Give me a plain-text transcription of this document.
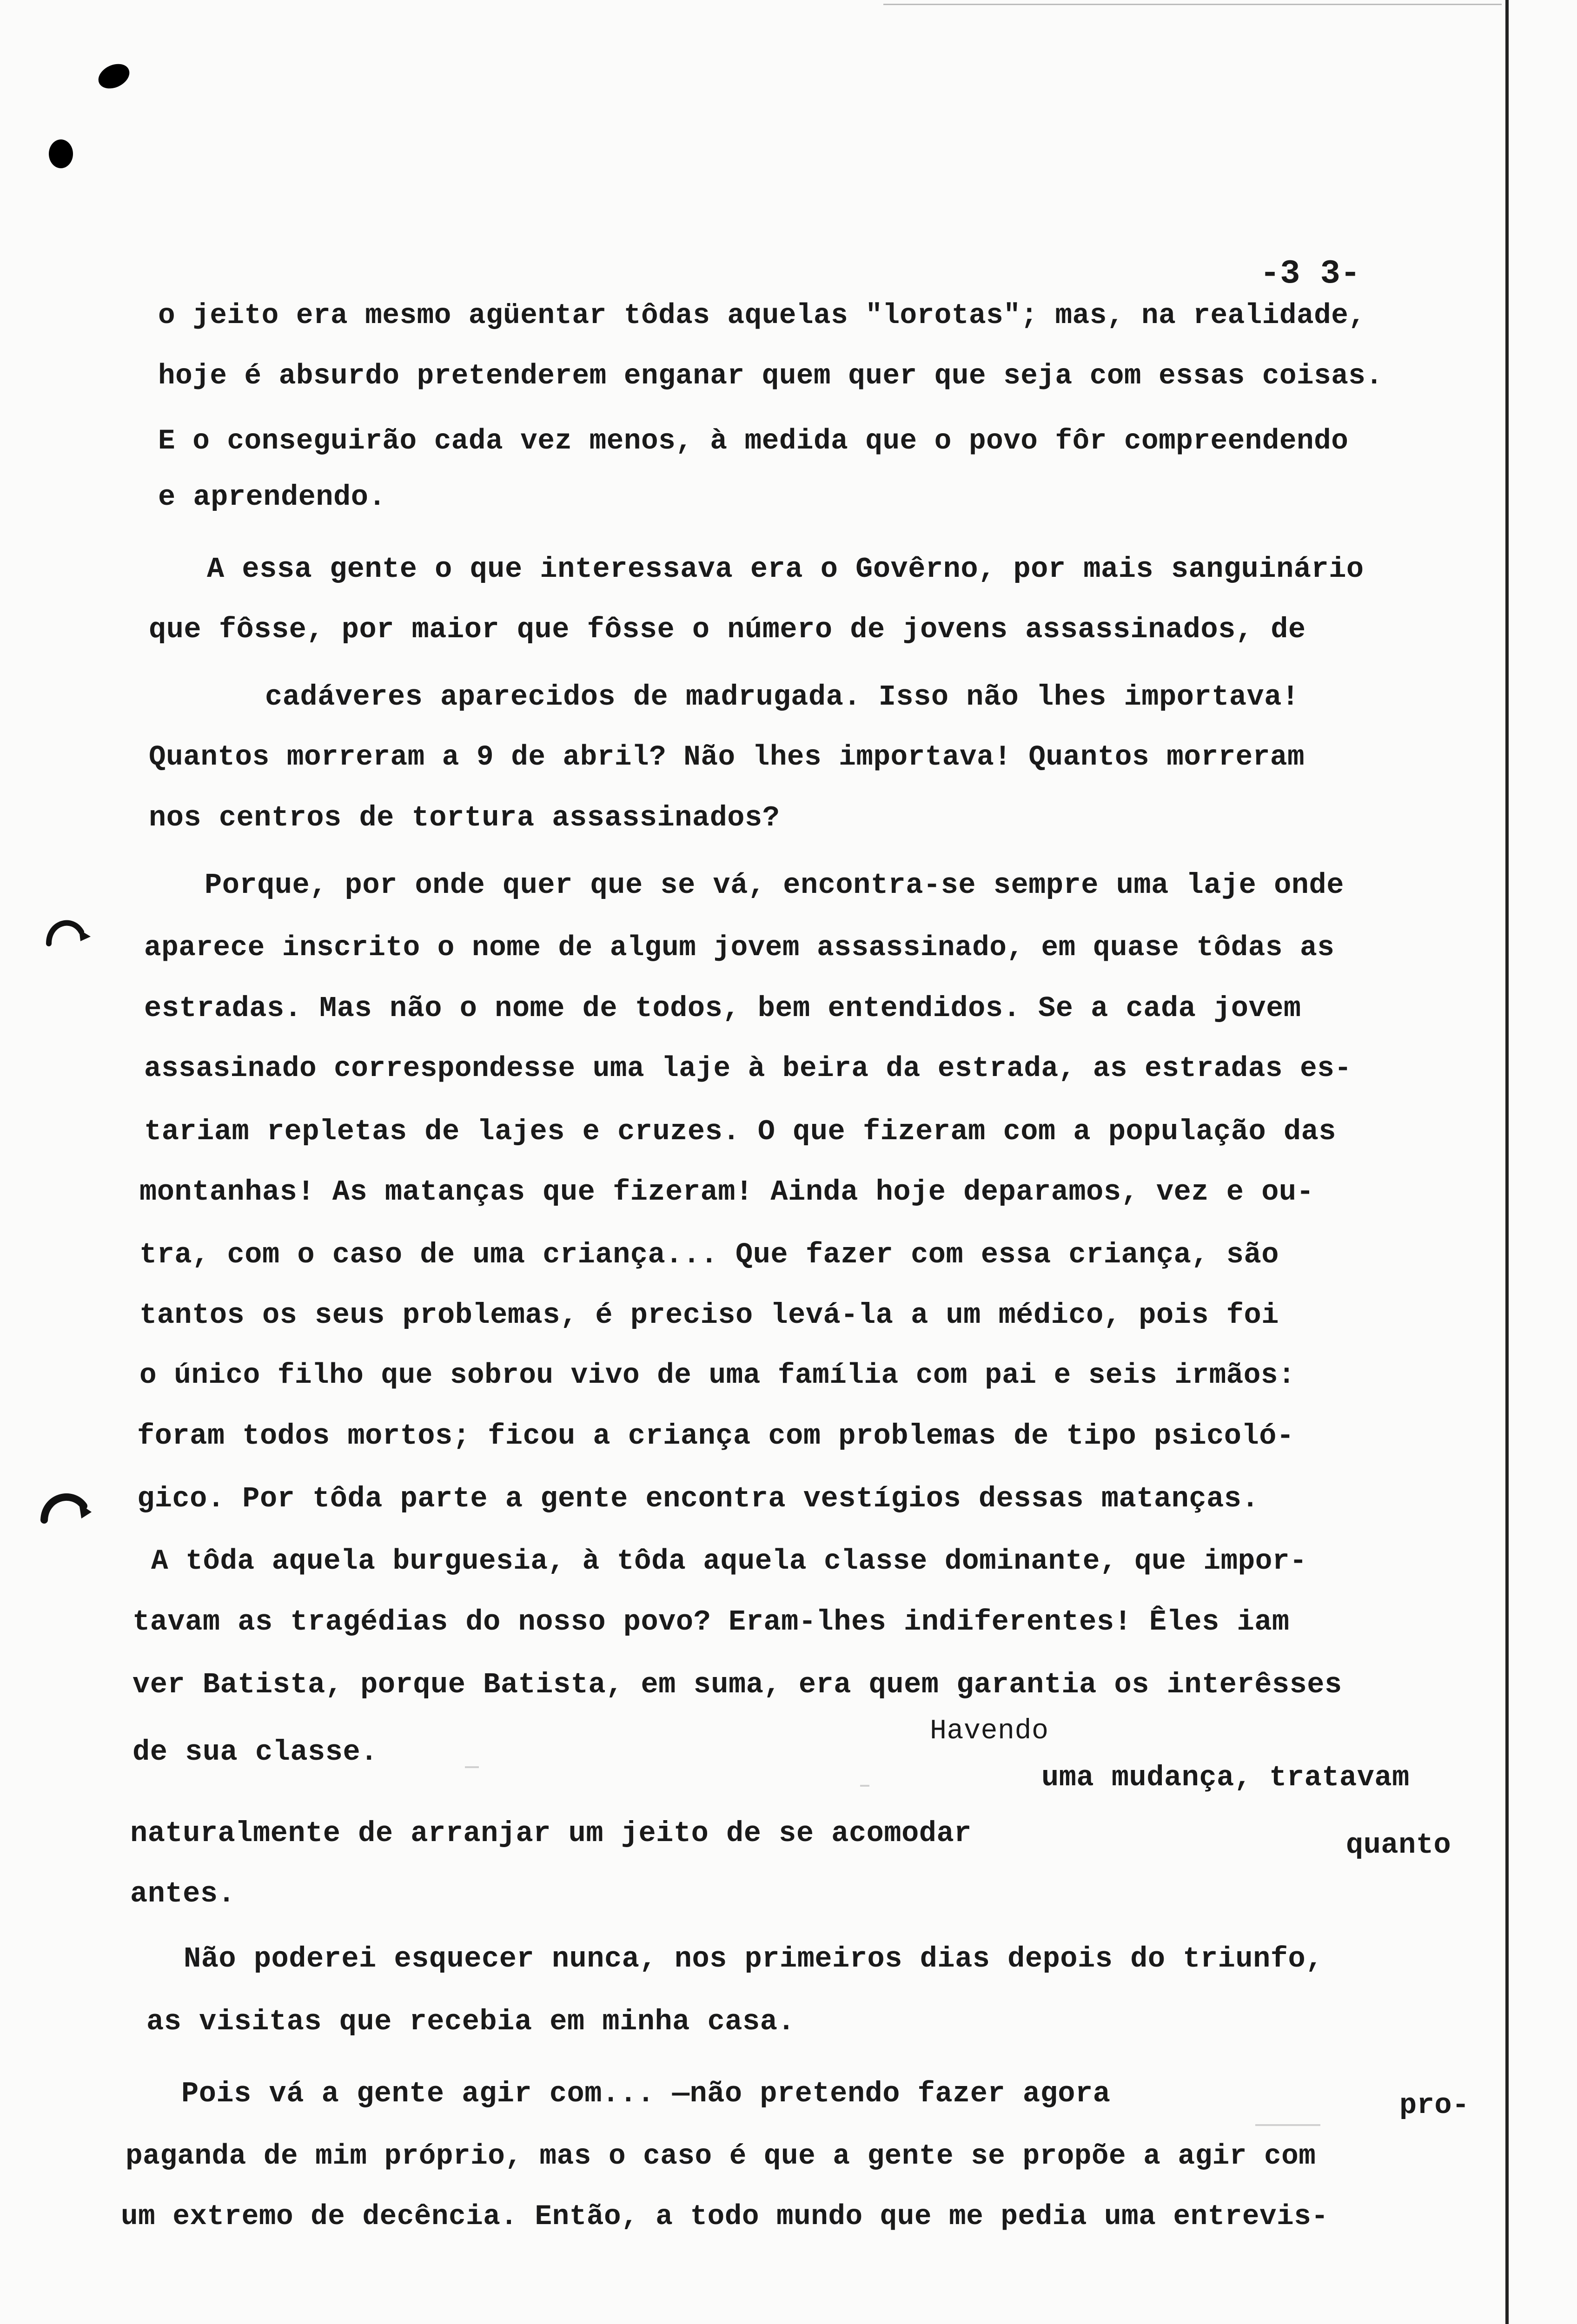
-3 3-
o jeito era mesmo agüentar tôdas aquelas "lorotas"; mas, na realidade,
hoje é absurdo pretenderem enganar quem quer que seja com essas coisas.
E o conseguirão cada vez menos, à medida que o povo fôr compreendendo
e aprendendo.
A essa gente o que interessava era o Govêrno, por mais sanguinário
que fôsse, por maior que fôsse o número de jovens assassinados, de
cadáveres aparecidos de madrugada. Isso não lhes importava!
Quantos morreram a 9 de abril? Não lhes importava! Quantos morreram
nos centros de tortura assassinados?
Porque, por onde quer que se vá, encontra-se sempre uma laje onde
aparece inscrito o nome de algum jovem assassinado, em quase tôdas as
estradas. Mas não o nome de todos, bem entendidos. Se a cada jovem
assasinado correspondesse uma laje à beira da estrada, as estradas es-
tariam repletas de lajes e cruzes. O que fizeram com a população das
montanhas! As matanças que fizeram! Ainda hoje deparamos, vez e ou-
tra, com o caso de uma criança... Que fazer com essa criança, são
tantos os seus problemas, é preciso levá-la a um médico, pois foi
o único filho que sobrou vivo de uma família com pai e seis irmãos:
foram todos mortos; ficou a criança com problemas de tipo psicoló-
gico. Por tôda parte a gente encontra vestígios dessas matanças.
A tôda aquela burguesia, à tôda aquela classe dominante, que impor-
tavam as tragédias do nosso povo? Eram-lhes indiferentes! Êles iam
ver Batista, porque Batista, em suma, era quem garantia os interêsses
de sua classe.
Havendo
uma mudança, tratavam
naturalmente de arranjar um jeito de se acomodar	quanto
antes.
Não poderei esquecer nunca, nos primeiros dias depois do triunfo,
as visitas que recebia em minha casa.
Pois vá a gente agir com... —não pretendo fazer agora	pro-
paganda de mim próprio, mas o caso é que a gente se propõe a agir com
um extremo de decência. Então, a todo mundo que me pedia uma entrevis-
